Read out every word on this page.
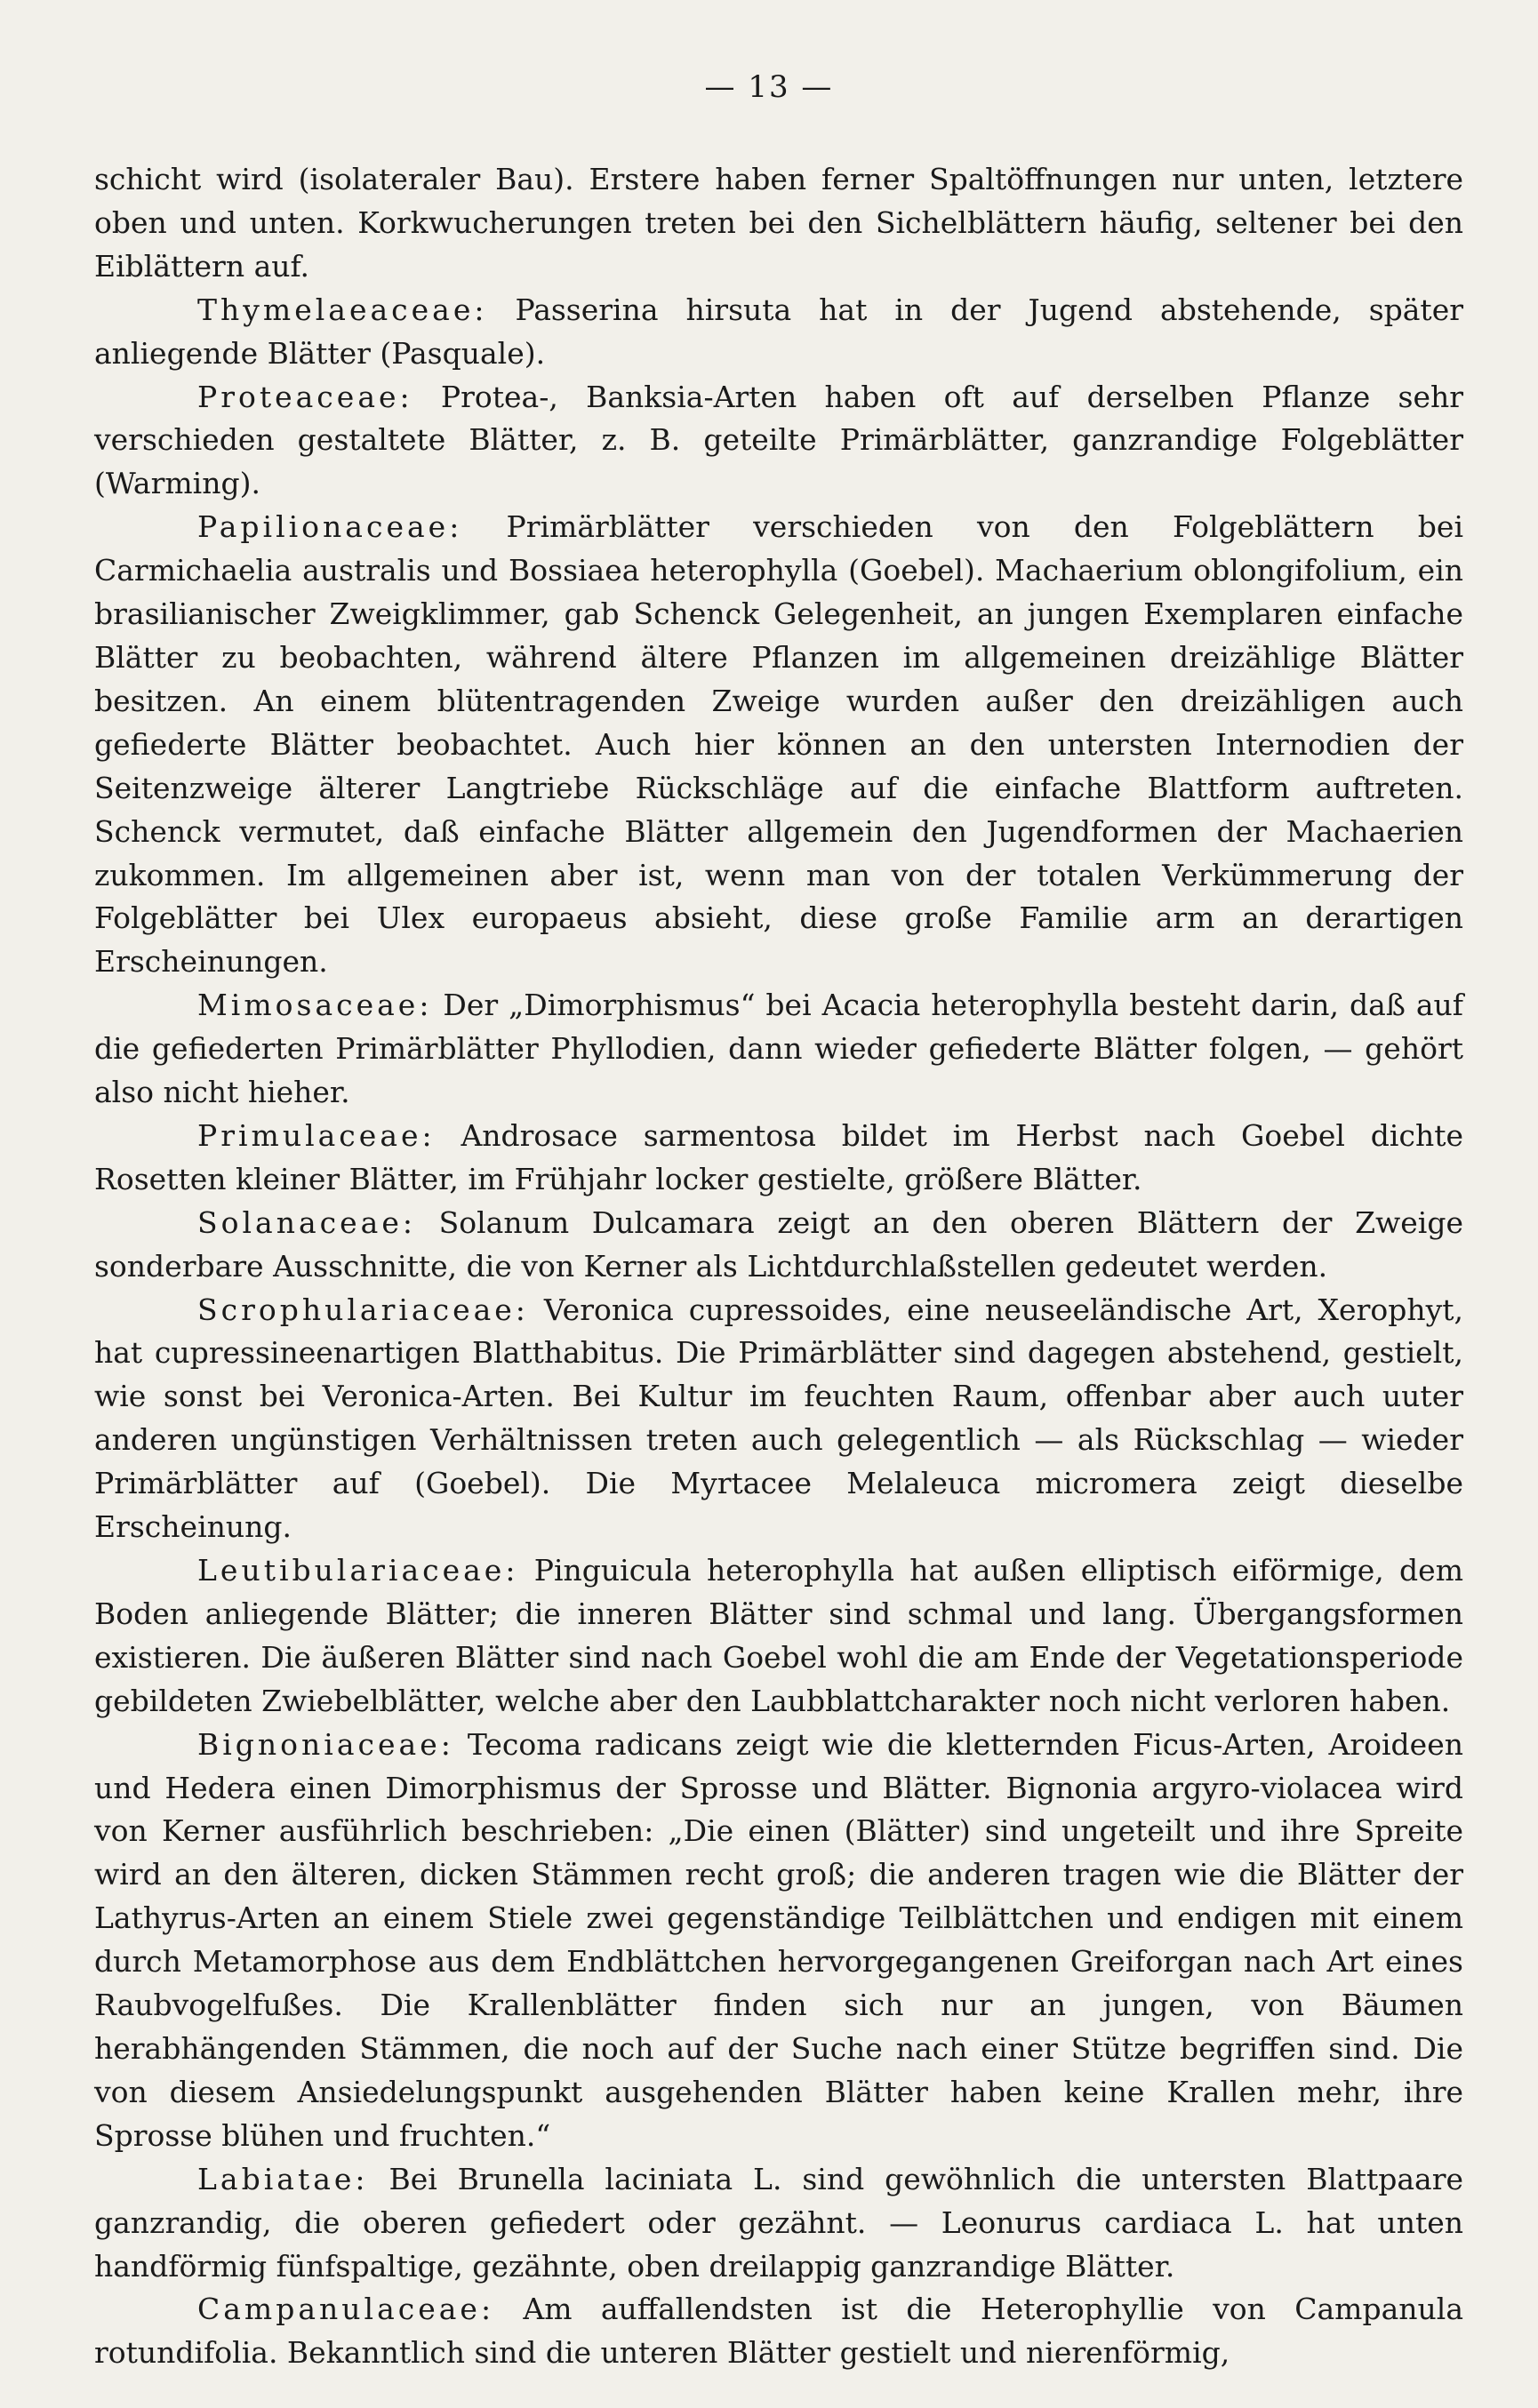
— 13 —

schicht wird (isolateraler Bau). Erstere haben ferner Spaltöffnungen nur unten, letztere oben und unten. Korkwucherungen treten bei den Sichelblättern häufig, seltener bei den Eiblättern auf.

Thymelaeaceae: Passerina hirsuta hat in der Jugend abstehende, später anliegende Blätter (Pasquale).

Proteaceae: Protea-, Banksia-Arten haben oft auf derselben Pflanze sehr verschieden gestaltete Blätter, z. B. geteilte Primärblätter, ganzrandige Folgeblätter (Warming).

Papilionaceae: Primärblätter verschieden von den Folgeblättern bei Carmichaelia australis und Bossiaea heterophylla (Goebel). Machaerium oblongifolium, ein brasilianischer Zweigklimmer, gab Schenck Gelegenheit, an jungen Exemplaren einfache Blätter zu beobachten, während ältere Pflanzen im allgemeinen dreizählige Blätter besitzen. An einem blütentragenden Zweige wurden außer den dreizähligen auch gefiederte Blätter beobachtet. Auch hier können an den untersten Internodien der Seitenzweige älterer Langtriebe Rückschläge auf die einfache Blattform auftreten. Schenck vermutet, daß einfache Blätter allgemein den Jugendformen der Machaerien zukommen. Im allgemeinen aber ist, wenn man von der totalen Verkümmerung der Folgeblätter bei Ulex europaeus absieht, diese große Familie arm an derartigen Erscheinungen.

Mimosaceae: Der „Dimorphismus“ bei Acacia heterophylla besteht darin, daß auf die gefiederten Primärblätter Phyllodien, dann wieder gefiederte Blätter folgen, — gehört also nicht hieher.

Primulaceae: Androsace sarmentosa bildet im Herbst nach Goebel dichte Rosetten kleiner Blätter, im Frühjahr locker gestielte, größere Blätter.

Solanaceae: Solanum Dulcamara zeigt an den oberen Blättern der Zweige sonderbare Ausschnitte, die von Kerner als Lichtdurchlaßstellen gedeutet werden.

Scrophulariaceae: Veronica cupressoides, eine neuseeländische Art, Xerophyt, hat cupressineenartigen Blatthabitus. Die Primärblätter sind dagegen abstehend, gestielt, wie sonst bei Veronica-Arten. Bei Kultur im feuchten Raum, offenbar aber auch uuter anderen ungünstigen Verhältnissen treten auch gelegentlich — als Rückschlag — wieder Primärblätter auf (Goebel). Die Myrtacee Melaleuca micromera zeigt dieselbe Erscheinung.

Leutibulariaceae: Pinguicula heterophylla hat außen elliptisch eiförmige, dem Boden anliegende Blätter; die inneren Blätter sind schmal und lang. Übergangsformen existieren. Die äußeren Blätter sind nach Goebel wohl die am Ende der Vegetationsperiode gebildeten Zwiebelblätter, welche aber den Laubblattcharakter noch nicht verloren haben.

Bignoniaceae: Tecoma radicans zeigt wie die kletternden Ficus-Arten, Aroideen und Hedera einen Dimorphismus der Sprosse und Blätter. Bignonia argyro-violacea wird von Kerner ausführlich beschrieben: „Die einen (Blätter) sind ungeteilt und ihre Spreite wird an den älteren, dicken Stämmen recht groß; die anderen tragen wie die Blätter der Lathyrus-Arten an einem Stiele zwei gegenständige Teilblättchen und endigen mit einem durch Metamorphose aus dem Endblättchen hervorgegangenen Greiforgan nach Art eines Raubvogelfußes. Die Krallenblätter finden sich nur an jungen, von Bäumen herabhängenden Stämmen, die noch auf der Suche nach einer Stütze begriffen sind. Die von diesem Ansiedelungspunkt ausgehenden Blätter haben keine Krallen mehr, ihre Sprosse blühen und fruchten.“

Labiatae: Bei Brunella laciniata L. sind gewöhnlich die untersten Blattpaare ganzrandig, die oberen gefiedert oder gezähnt. — Leonurus cardiaca L. hat unten handförmig fünfspaltige, gezähnte, oben dreilappig ganzrandige Blätter.

Campanulaceae: Am auffallendsten ist die Heterophyllie von Campanula rotundifolia. Bekanntlich sind die unteren Blätter gestielt und nierenförmig,
